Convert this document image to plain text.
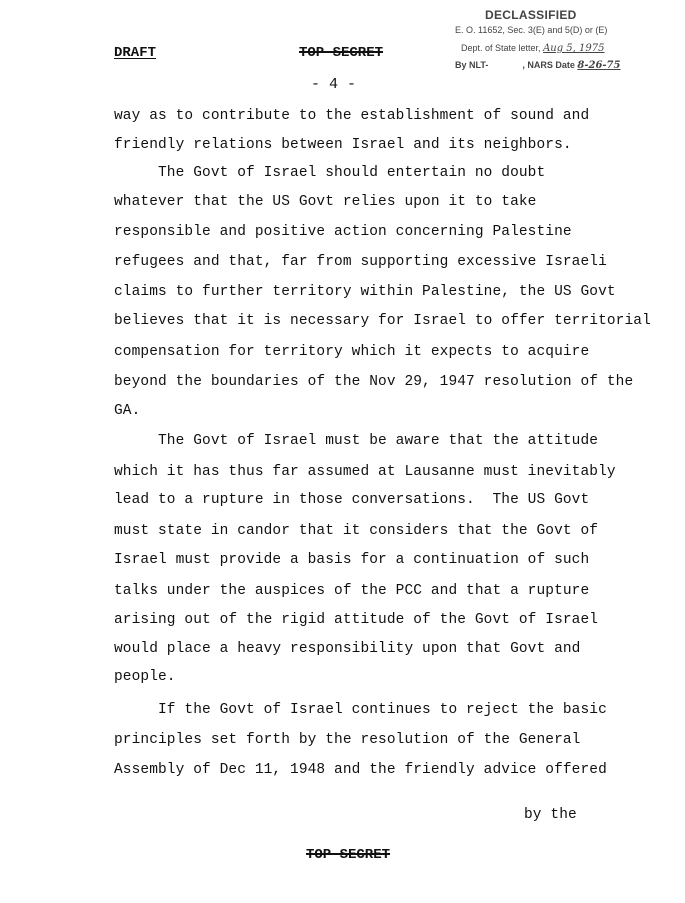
DECLASSIFIED
E. O. 11652, Sec. 3(E) and 5(D) or (E)
Dept. of State letter, Aug 5, 1975
By NLT-	, NARS Date 8-26-75
DRAFT	TOP SECRET
- 4 -
way as to contribute to the establishment of sound and
friendly relations between Israel and its neighbors.
The Govt of Israel should entertain no doubt
whatever that the US Govt relies upon it to take
responsible and positive action concerning Palestine
refugees and that, far from supporting excessive Israeli
claims to further territory within Palestine, the US Govt
believes that it is necessary for Israel to offer territorial
compensation for territory which it expects to acquire
beyond the boundaries of the Nov 29, 1947 resolution of the
GA.
The Govt of Israel must be aware that the attitude
which it has thus far assumed at Lausanne must inevitably
lead to a rupture in those conversations.  The US Govt
must state in candor that it considers that the Govt of
Israel must provide a basis for a continuation of such
talks under the auspices of the PCC and that a rupture
arising out of the rigid attitude of the Govt of Israel
would place a heavy responsibility upon that Govt and
people.
If the Govt of Israel continues to reject the basic
principles set forth by the resolution of the General
Assembly of Dec 11, 1948 and the friendly advice offered
by the
TOP SECRET
